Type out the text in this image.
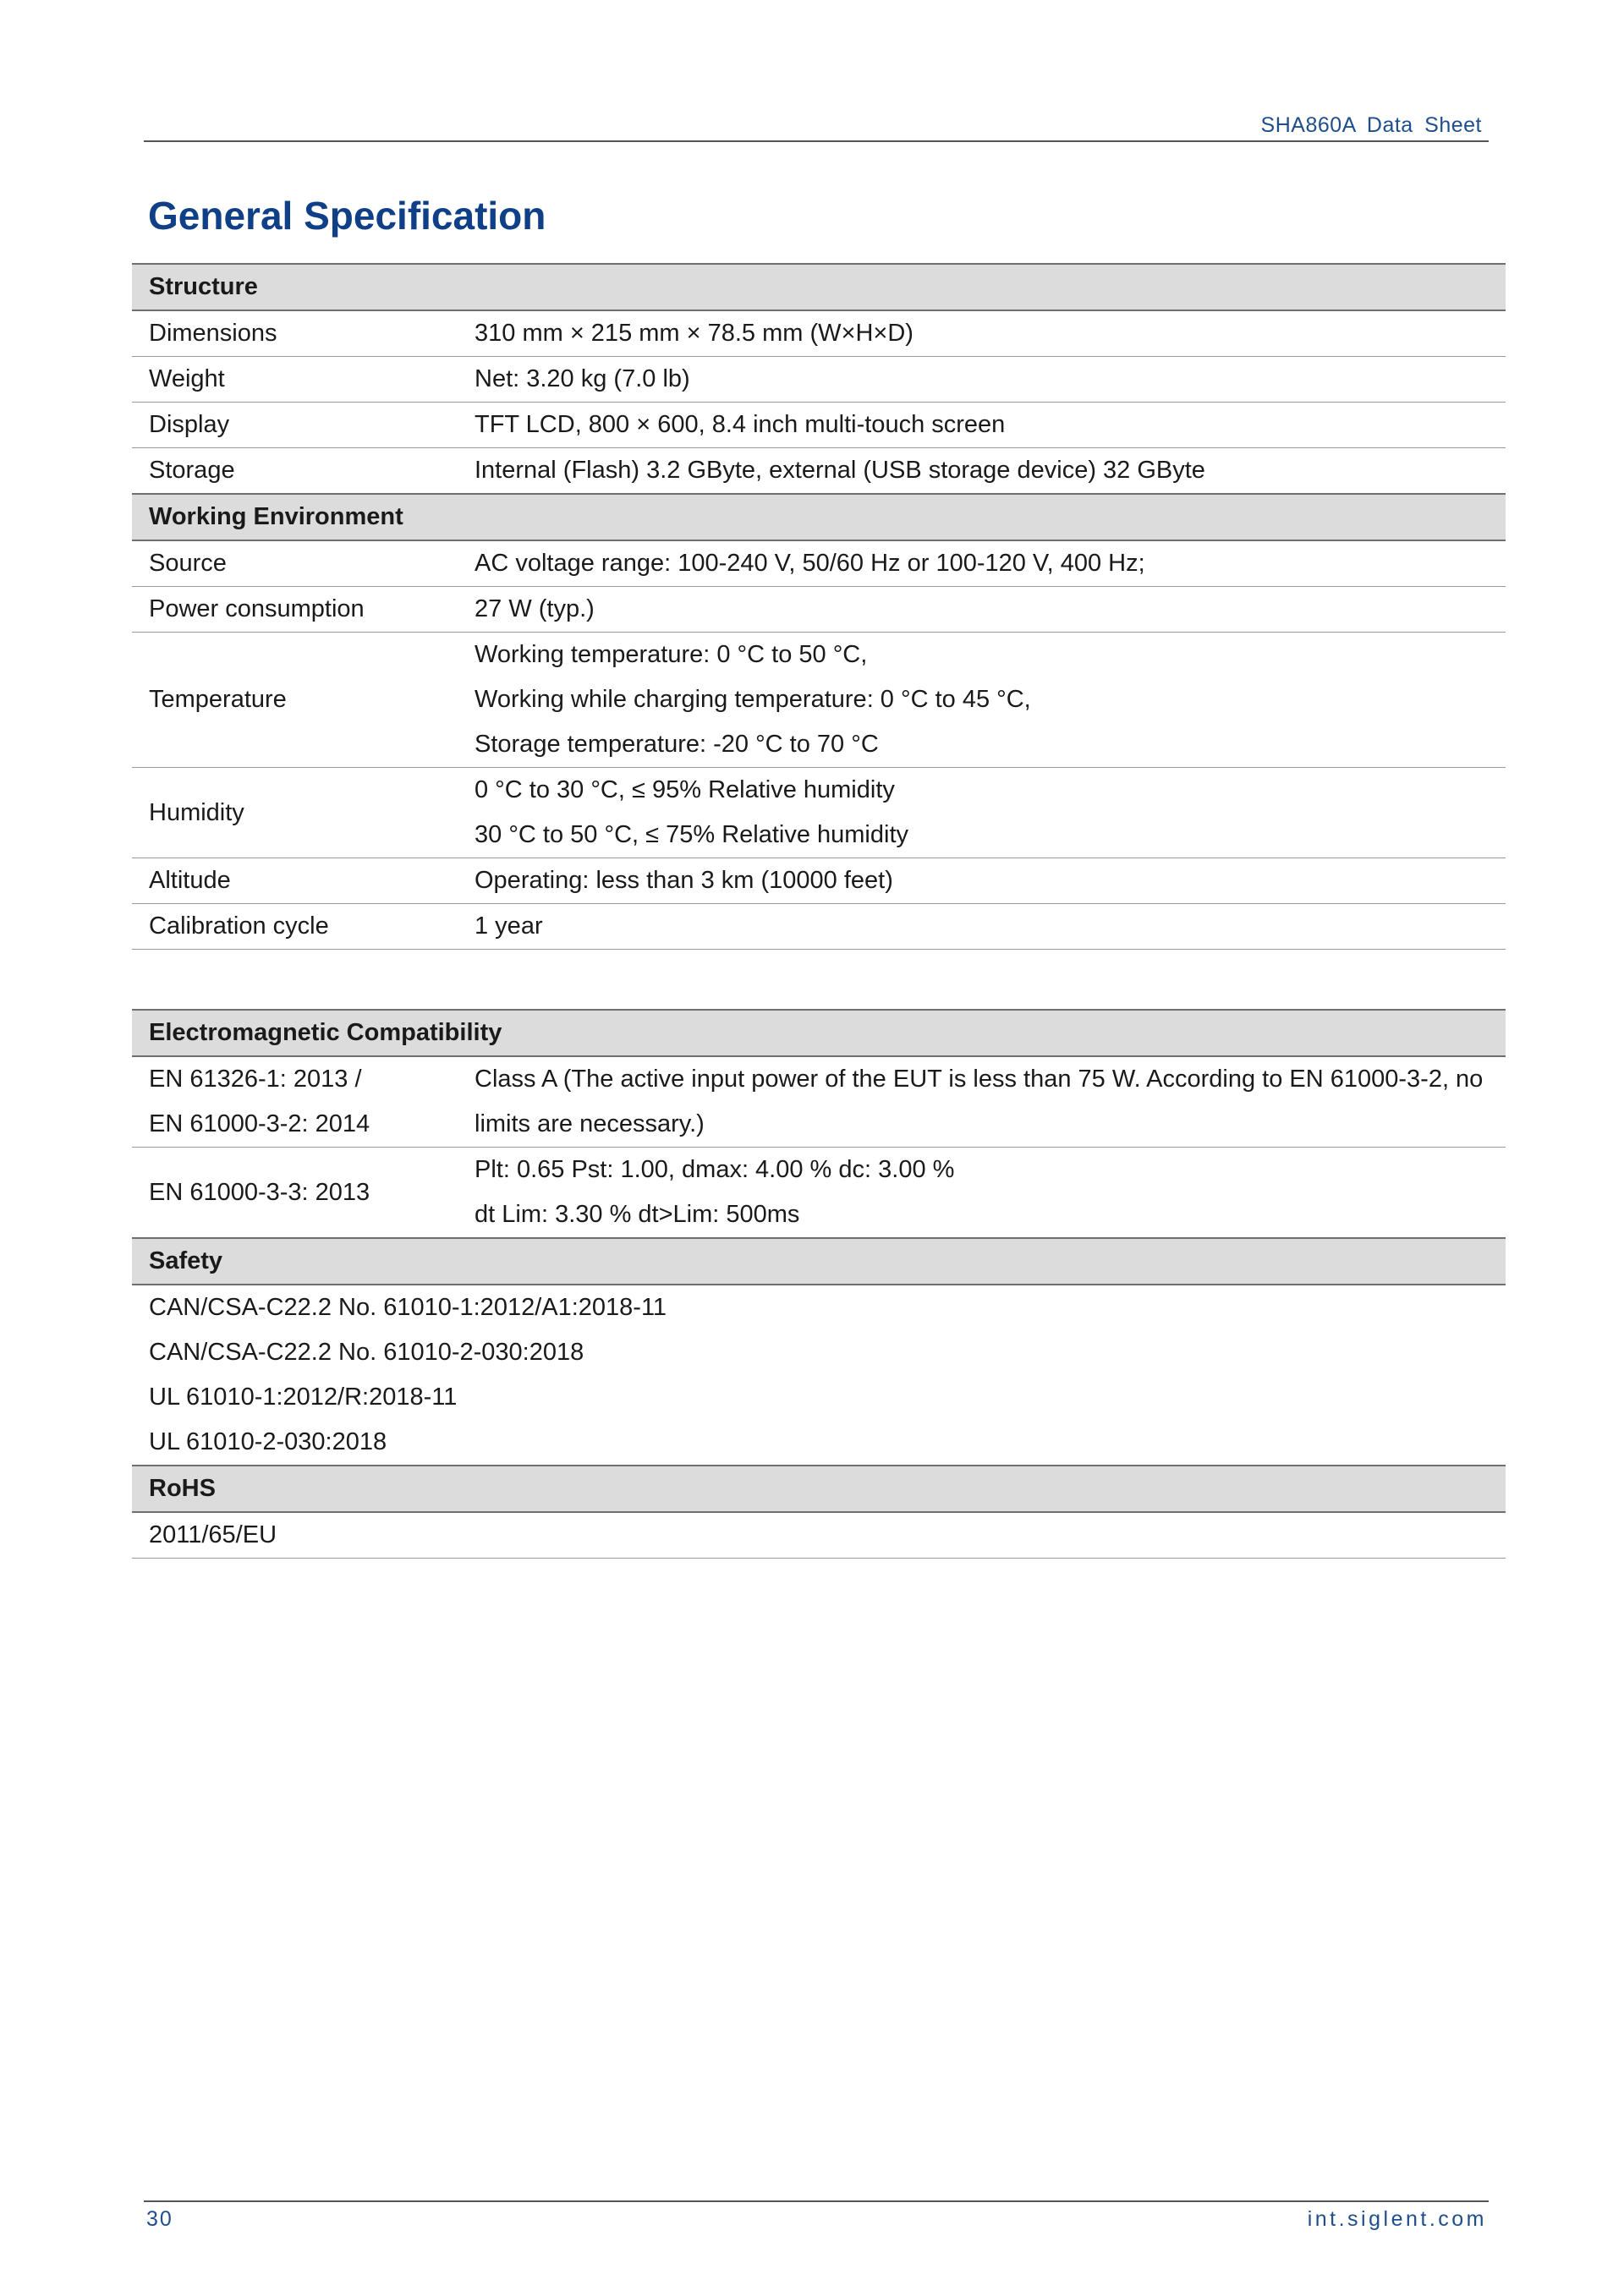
SHA860A Data Sheet
General Specification
Structure	
Dimensions	310 mm × 215 mm × 78.5 mm (W×H×D)
Weight	Net: 3.20 kg (7.0 lb)
Display	TFT LCD, 800 × 600, 8.4 inch multi-touch screen
Storage	Internal (Flash) 3.2 GByte, external (USB storage device) 32 GByte
Working Environment	
Source	AC voltage range: 100-240 V, 50/60 Hz or 100-120 V, 400 Hz;
Power consumption	27 W (typ.)
Temperature	Working temperature: 0 °C to 50 °C,
Working while charging temperature: 0 °C to 45 °C,
Storage temperature: -20 °C to 70 °C

Humidity	0 °C to 30 °C, ≤ 95% Relative humidity
30 °C to 50 °C, ≤ 75% Relative humidity

Altitude	Operating: less than 3 km (10000 feet)
Calibration cycle	1 year
Electromagnetic Compatibility	

EN 61326-1: 2013 /
EN 61000-3-2: 2014	Class A (The active input power of the EUT is less than 75 W. According to EN 61000-3-2, no
limits are necessary.)

EN 61000-3-3: 2013	Plt: 0.65 Pst: 1.00, dmax: 4.00 % dc: 3.00 %
dt Lim: 3.30 % dt>Lim: 500ms

Safety	

CAN/CSA-C22.2 No. 61010-1:2012/A1:2018-11
CAN/CSA-C22.2 No. 61010-2-030:2018
UL 61010-1:2012/R:2018-11
UL 61010-2-030:2018	

RoHS	
2011/65/EU	
30	int.siglent.com
